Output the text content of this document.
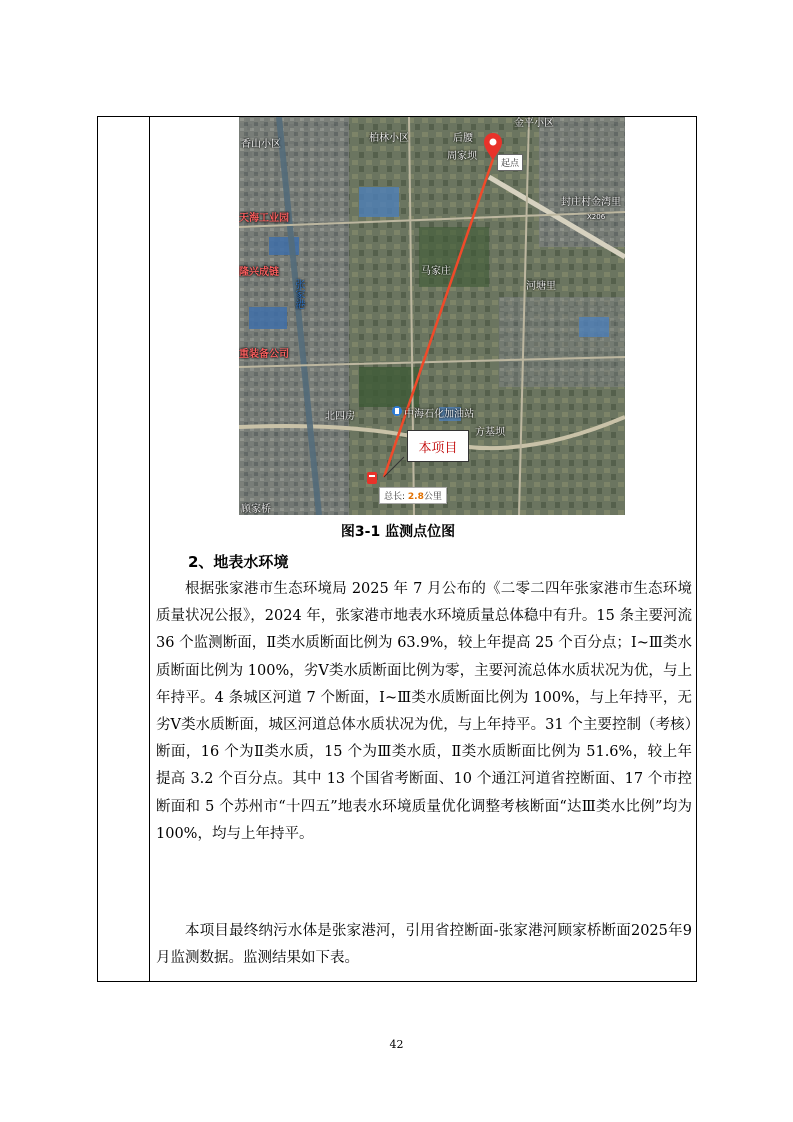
香山小区
柏林小区	后腰
周家坝
金平小区
起点
封庄村金湾里
X206
天海工业园
隆兴成链
张家港
马家庄
河塘里
重装备公司
北四房	中海石化加油站
方基坝
顾家桥
本项目
总长: 2.8公里
图3-1 监测点位图
2、地表水环境

根据张家港市生态环境局 2025 年 7 月公布的《二零二四年张家港市生态环境质量状况公报》，2024 年，张家港市地表水环境质量总体稳中有升。15 条主要河流 36 个监测断面，Ⅱ类水质断面比例为 63.9%，较上年提高 25 个百分点；Ⅰ~Ⅲ类水质断面比例为 100%，劣Ⅴ类水质断面比例为零，主要河流总体水质状况为优，与上年持平。4 条城区河道 7 个断面，Ⅰ~Ⅲ类水质断面比例为 100%，与上年持平，无劣Ⅴ类水质断面，城区河道总体水质状况为优，与上年持平。31 个主要控制（考核）断面，16 个为Ⅱ类水质，15 个为Ⅲ类水质，Ⅱ类水质断面比例为 51.6%，较上年提高 3.2 个百分点。其中 13 个国省考断面、10 个通江河道省控断面、17 个市控断面和 5 个苏州市“十四五”地表水环境质量优化调整考核断面“达Ⅲ类水比例”均为 100%，均与上年持平。

本项目最终纳污水体是张家港河，引用省控断面-张家港河顾家桥断面2025年9月监测数据。监测结果如下表。

42
